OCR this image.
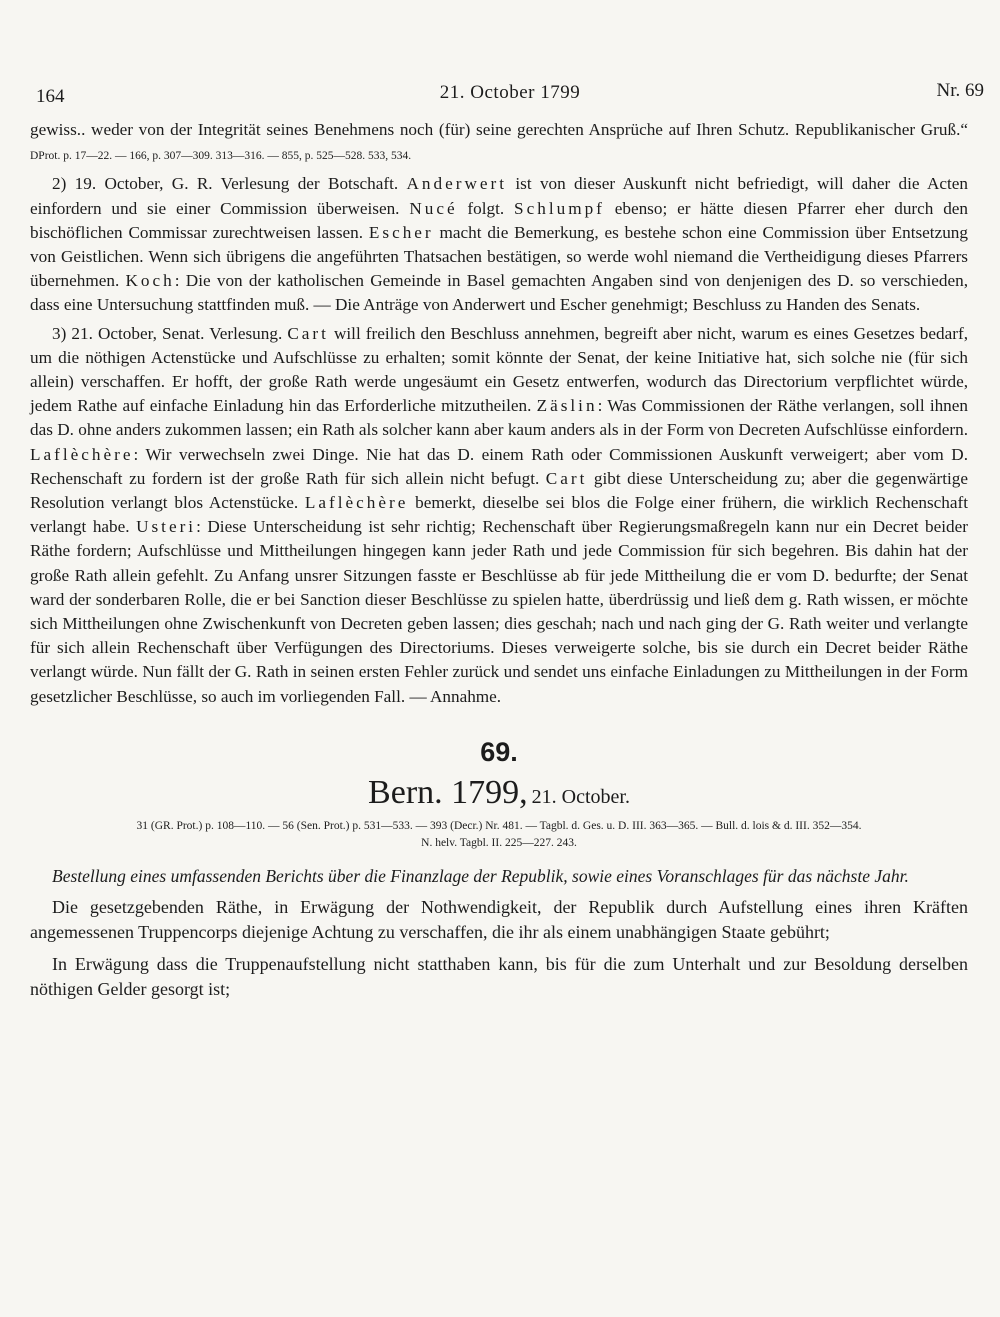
164	21. October 1799	Nr. 69

gewiss.. weder von der Integrität seines Benehmens noch (für) seine gerechten Ansprüche auf Ihren Schutz. Republikanischer Gruß.“ DProt. p. 17—22. — 166, p. 307—309. 313—316. — 855, p. 525—528. 533, 534.

2) 19. October, G. R. Verlesung der Botschaft. Anderwert ist von dieser Auskunft nicht befriedigt, will daher die Acten einfordern und sie einer Commission überweisen. Nucé folgt. Schlumpf ebenso; er hätte diesen Pfarrer eher durch den bischöflichen Commissar zurechtweisen lassen. Escher macht die Bemerkung, es bestehe schon eine Commission über Entsetzung von Geistlichen. Wenn sich übrigens die angeführten Thatsachen bestätigen, so werde wohl niemand die Vertheidigung dieses Pfarrers übernehmen. Koch: Die von der katholischen Gemeinde in Basel gemachten Angaben sind von denjenigen des D. so verschieden, dass eine Untersuchung stattfinden muß. — Die Anträge von Anderwert und Escher genehmigt; Beschluss zu Handen des Senats.

3) 21. October, Senat. Verlesung. Cart will freilich den Beschluss annehmen, begreift aber nicht, warum es eines Gesetzes bedarf, um die nöthigen Actenstücke und Aufschlüsse zu erhalten; somit könnte der Senat, der keine Initiative hat, sich solche nie (für sich allein) verschaffen. Er hofft, der große Rath werde ungesäumt ein Gesetz entwerfen, wodurch das Directorium verpflichtet würde, jedem Rathe auf einfache Einladung hin das Erforderliche mitzutheilen. Zäslin: Was Commissionen der Räthe verlangen, soll ihnen das D. ohne anders zukommen lassen; ein Rath als solcher kann aber kaum anders als in der Form von Decreten Aufschlüsse einfordern. Laflèchère: Wir verwechseln zwei Dinge. Nie hat das D. einem Rath oder Commissionen Auskunft verweigert; aber vom D. Rechenschaft zu fordern ist der große Rath für sich allein nicht befugt. Cart gibt diese Unterscheidung zu; aber die gegenwärtige Resolution verlangt blos Actenstücke. Laflèchère bemerkt, dieselbe sei blos die Folge einer frühern, die wirklich Rechenschaft verlangt habe. Usteri: Diese Unterscheidung ist sehr richtig; Rechenschaft über Regierungsmaßregeln kann nur ein Decret beider Räthe fordern; Aufschlüsse und Mittheilungen hingegen kann jeder Rath und jede Commission für sich begehren. Bis dahin hat der große Rath allein gefehlt. Zu Anfang unsrer Sitzungen fasste er Beschlüsse ab für jede Mittheilung die er vom D. bedurfte; der Senat ward der sonderbaren Rolle, die er bei Sanction dieser Beschlüsse zu spielen hatte, überdrüssig und ließ dem g. Rath wissen, er möchte sich Mittheilungen ohne Zwischenkunft von Decreten geben lassen; dies geschah; nach und nach ging der G. Rath weiter und verlangte für sich allein Rechenschaft über Verfügungen des Directoriums. Dieses verweigerte solche, bis sie durch ein Decret beider Räthe verlangt würde. Nun fällt der G. Rath in seinen ersten Fehler zurück und sendet uns einfache Einladungen zu Mittheilungen in der Form gesetzlicher Beschlüsse, so auch im vorliegenden Fall. — Annahme.

69.
Bern. 1799, 21. October.
31 (GR. Prot.) p. 108—110. — 56 (Sen. Prot.) p. 531—533. — 393 (Decr.) Nr. 481. — Tagbl. d. Ges. u. D. III. 363—365. — Bull. d. lois & d. III. 352—354.
N. helv. Tagbl. II. 225—227. 243.
Bestellung eines umfassenden Berichts über die Finanzlage der Republik, sowie eines Voranschlages für das nächste Jahr.

Die gesetzgebenden Räthe, in Erwägung der Nothwendigkeit, der Republik durch Aufstellung eines ihren Kräften angemessenen Truppencorps diejenige Achtung zu verschaffen, die ihr als einem unabhängigen Staate gebührt;

In Erwägung dass die Truppenaufstellung nicht statthaben kann, bis für die zum Unterhalt und zur Besoldung derselben nöthigen Gelder gesorgt ist;
